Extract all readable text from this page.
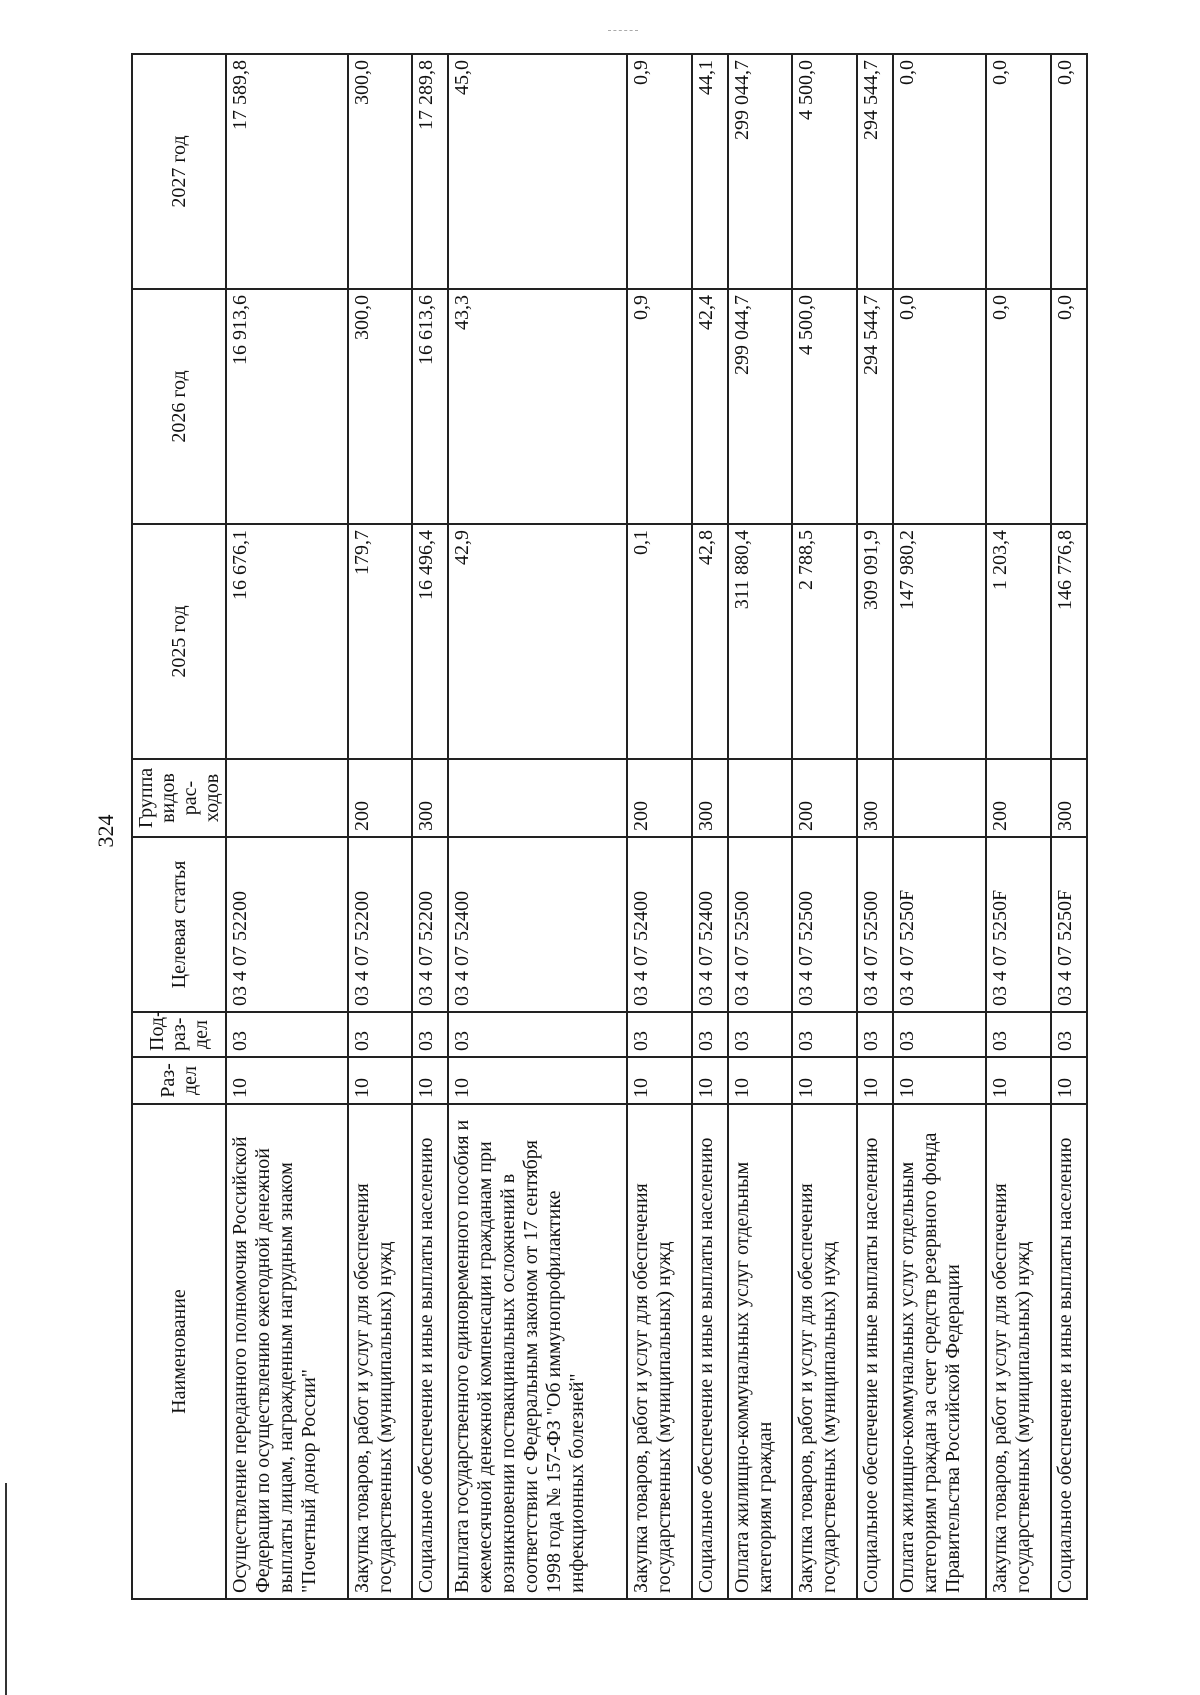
324
Наименование	Раз-дел	Под-раз-дел	Целевая статья	Группа видов рас-ходов	2025 год	2026 год	2027 год
Осуществление переданного полномочия Российской Федерации по осуществлению ежегодной денежной выплаты лицам, награжденным нагрудным знаком "Почетный донор России"	10	03	03 4 07 52200		16 676,1	16 913,6	17 589,8
Закупка товаров, работ и услуг для обеспечения государственных (муниципальных) нужд	10	03	03 4 07 52200	200	179,7	300,0	300,0
Социальное обеспечение и иные выплаты населению	10	03	03 4 07 52200	300	16 496,4	16 613,6	17 289,8
Выплата государственного единовременного пособия и ежемесячной денежной компенсации гражданам при возникновении поствакцинальных осложнений в соответствии с Федеральным законом от 17 сентября 1998 года № 157-ФЗ "Об иммунопрофилактике инфекционных болезней"	10	03	03 4 07 52400		42,9	43,3	45,0
Закупка товаров, работ и услуг для обеспечения государственных (муниципальных) нужд	10	03	03 4 07 52400	200	0,1	0,9	0,9
Социальное обеспечение и иные выплаты населению	10	03	03 4 07 52400	300	42,8	42,4	44,1
Оплата жилищно-коммунальных услуг отдельным категориям граждан	10	03	03 4 07 52500		311 880,4	299 044,7	299 044,7
Закупка товаров, работ и услуг для обеспечения государственных (муниципальных) нужд	10	03	03 4 07 52500	200	2 788,5	4 500,0	4 500,0
Социальное обеспечение и иные выплаты населению	10	03	03 4 07 52500	300	309 091,9	294 544,7	294 544,7
Оплата жилищно-коммунальных услуг отдельным категориям граждан за счет средств резервного фонда Правительства Российской Федерации	10	03	03 4 07 5250F		147 980,2	0,0	0,0
Закупка товаров, работ и услуг для обеспечения государственных (муниципальных) нужд	10	03	03 4 07 5250F	200	1 203,4	0,0	0,0
Социальное обеспечение и иные выплаты населению	10	03	03 4 07 5250F	300	146 776,8	0,0	0,0
